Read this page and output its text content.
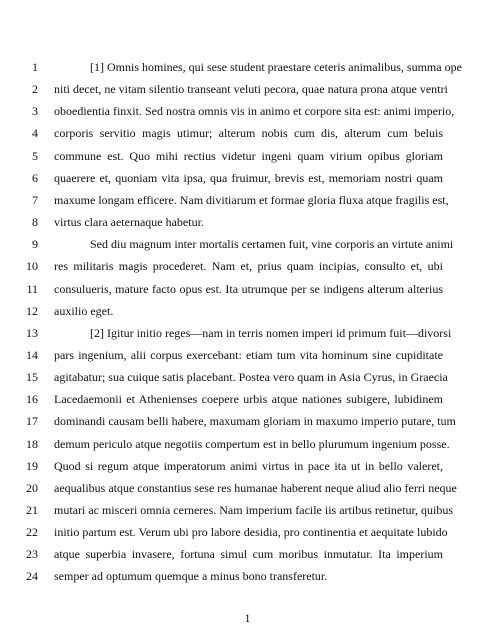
1
1	[1] Omnis homines, qui sese student praestare ceteris animalibus, summa ope
2 niti decet, ne vitam silentio transeant veluti pecora, quae natura prona atque ventri
3 oboedientia finxit. Sed nostra omnis vis in animo et corpore sita est: animi imperio,
4 corporis servitio magis utimur; alterum nobis cum dis, alterum cum beluis
5 commune est. Quo mihi rectius videtur ingeni quam virium opibus gloriam
6 quaerere et, quoniam vita ipsa, qua fruimur, brevis est, memoriam nostri quam
7 maxume longam efficere. Nam divitiarum et formae gloria fluxa atque fragilis est,
8 virtus clara aeternaque habetur.
9	Sed diu magnum inter mortalis certamen fuit, vine corporis an virtute animi
10 res militaris magis procederet. Nam et, prius quam incipias, consulto et, ubi
11 consulueris, mature facto opus est. Ita utrumque per se indigens alterum alterius
12 auxilio eget.
13	[2] Igitur initio reges—nam in terris nomen imperi id primum fuit—divorsi
14 pars ingenium, alii corpus exercebant: etiam tum vita hominum sine cupiditate
15 agitabatur; sua cuique satis placebant. Postea vero quam in Asia Cyrus, in Graecia
16 Lacedaemonii et Athenienses coepere urbis atque nationes subigere, lubidinem
17 dominandi causam belli habere, maxumam gloriam in maxumo imperio putare, tum
18 demum periculo atque negotiis compertum est in bello plurumum ingenium posse.
19 Quod si regum atque imperatorum animi virtus in pace ita ut in bello valeret,
20 aequalibus atque constantius sese res humanae haberent neque aliud alio ferri neque
21 mutari ac misceri omnia cerneres. Nam imperium facile iis artibus retinetur, quibus
22 initio partum est. Verum ubi pro labore desidia, pro continentia et aequitate lubido
23 atque superbia invasere, fortuna simul cum moribus inmutatur. Ita imperium
24 semper ad optumum quemque a minus bono transferetur.
